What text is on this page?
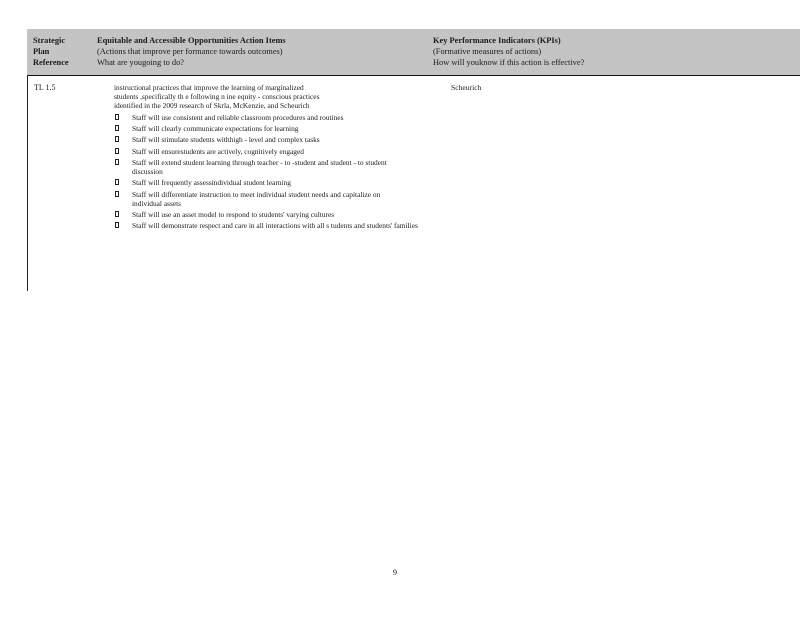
Strategic
Plan
Reference
Equitable and Accessible Opportunities Action Items
(Actions that improve per formance towards outcomes)
What are yougoing to do?
Key Performance Indicators (KPIs)
(Formative measures of actions)
How will youknow if this action is effective?
TL 1.5	instructional practices that improve the learning of marginalized
students ,specifically th e following n ine equity - conscious practices
identified in the 2009 research of Skrla, McKenzie, and Scheurich
Staff will use consistent and reliable classroom procedures and routines
Staff will clearly communicate expectations for learning
Staff will stimulate students withhigh - level and complex tasks
Staff will ensurestudents are actively, cognitively engaged
Staff will extend student learning through teacher - to -student and student - to student discussion
Staff will frequently assessindividual student learning
Staff will differentiate instruction to meet individual student needs and capitalize on individual assets
Staff will use an asset model to respond to students' varying cultures
Staff will demonstrate respect and care in all interactions with all s tudents and students' families
Scheurich
9
